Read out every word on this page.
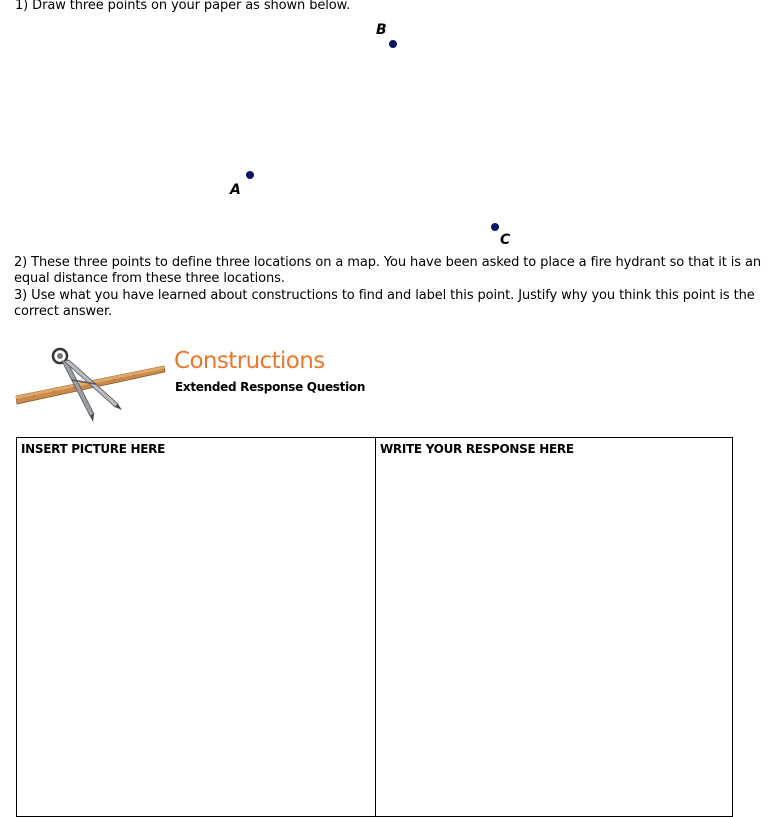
1) Draw three points on your paper as shown below.
B
A
C
2) These three points to define three locations on a map. You have been asked to place a fire hydrant so that it is an
equal distance from these three locations.
3) Use what you have learned about constructions to find and label this point. Justify why you think this point is the
correct answer.
Constructions
Extended Response Question
INSERT PICTURE HERE	WRITE YOUR RESPONSE HERE
